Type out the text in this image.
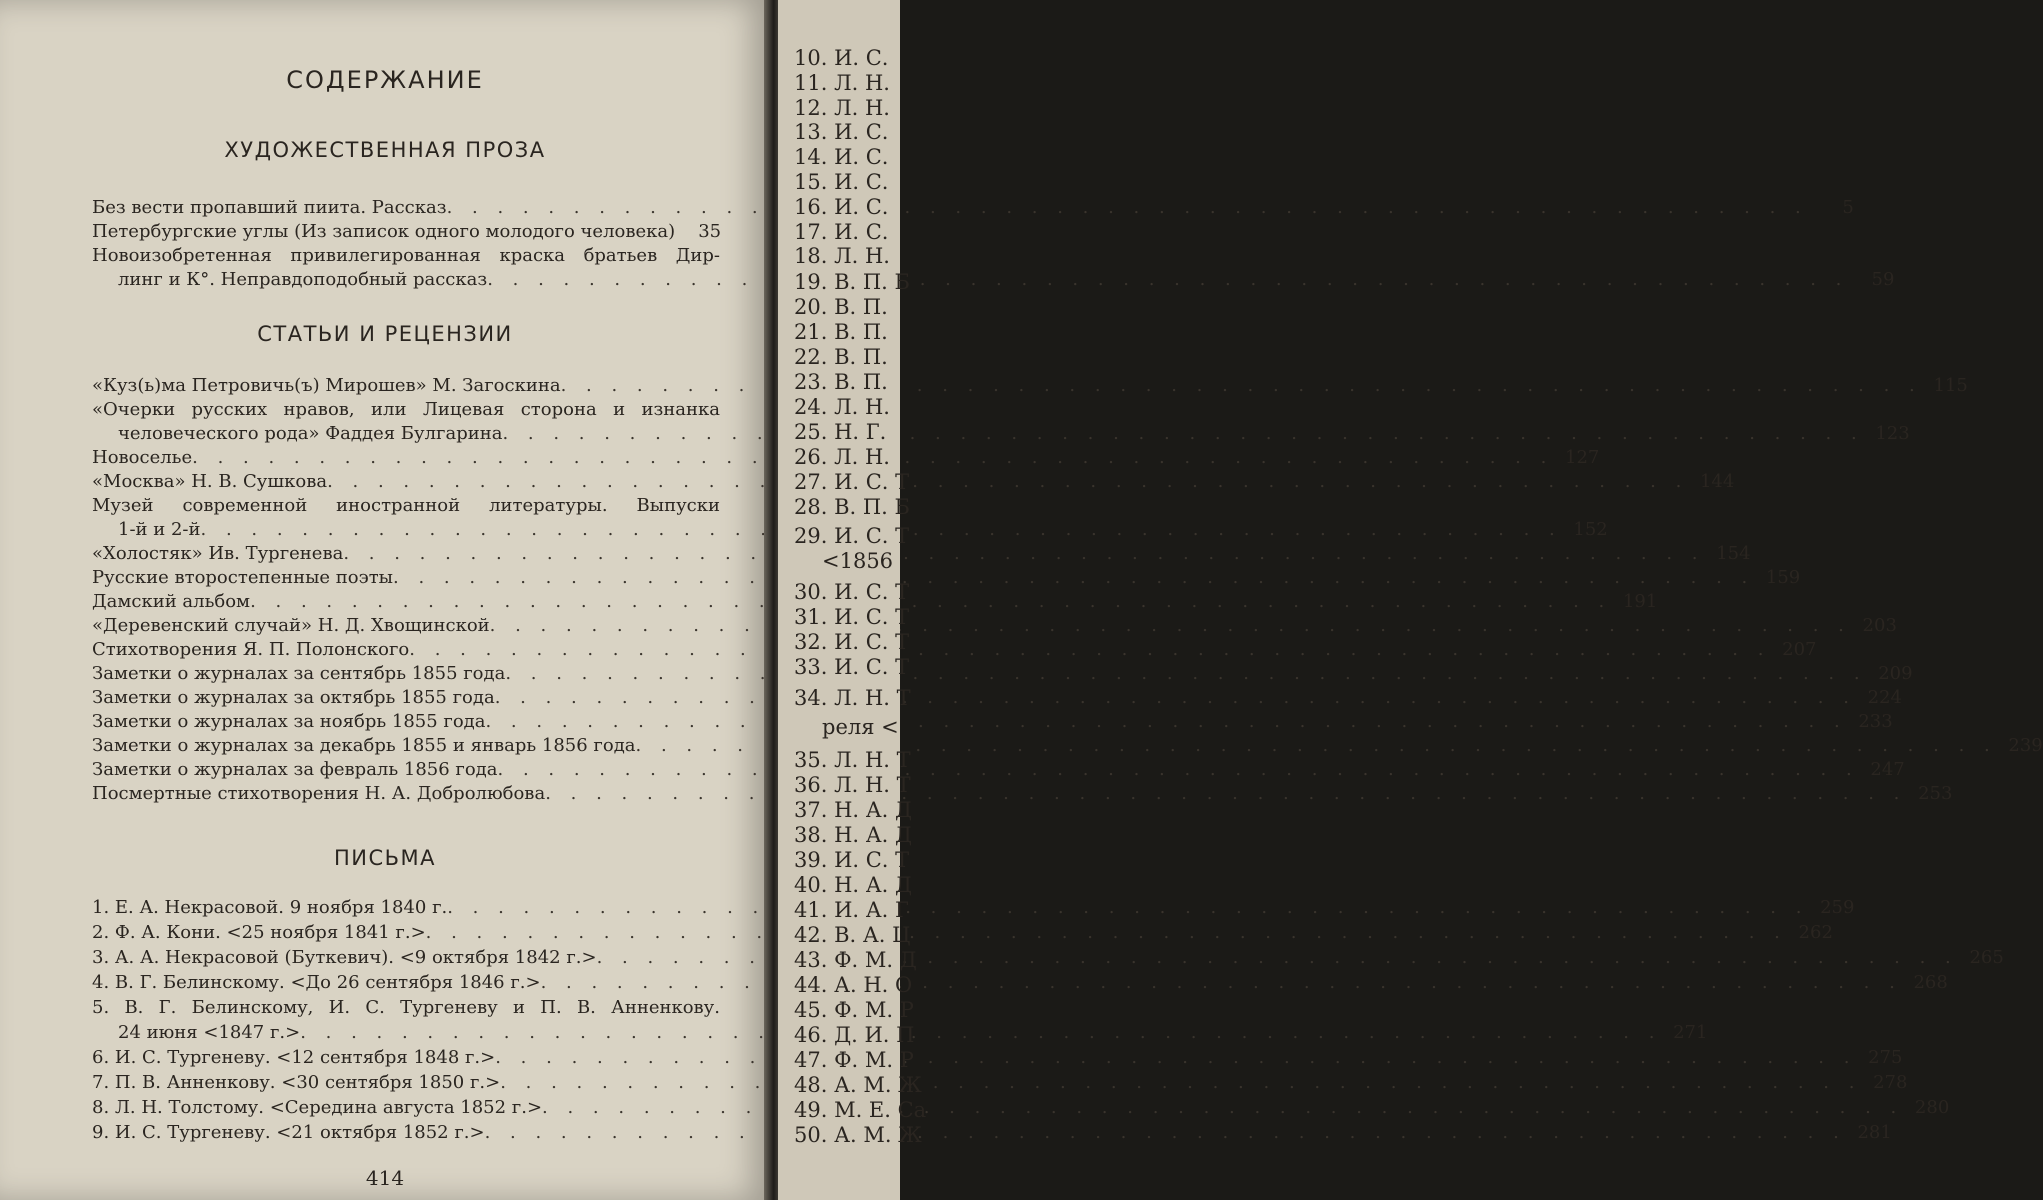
СОДЕРЖАНИЕ
ХУДОЖЕСТВЕННАЯ ПРОЗА
Без вести пропавший пиита. Рассказ . . .	5
Петербургские углы (Из записок одного молодого человека)	35
Новоизобретенная привилегированная краска братьев Дир-
линг и К°. Неправдоподобный рассказ . . .	59
СТАТЬИ И РЕЦЕНЗИИ
«Куз(ь)ма Петровичь(ъ) Мирошев» М. Загоскина . . .	115
«Очерки русских нравов, или Лицевая сторона и изнанка
человеческого рода» Фаддея Булгарина . . .	123
Новоселье . . .	127
«Москва» Н. В. Сушкова . . .	144
Музей современной иностранной литературы. Выпуски
1-й и 2-й . . .	152
«Холостяк» Ив. Тургенева . . .	154
Русские второстепенные поэты . . .	159
Дамский альбом . . .	191
«Деревенский случай» Н. Д. Хвощинской . . .	203
Стихотворения Я. П. Полонского . . .	207
Заметки о журналах за сентябрь 1855 года . . .	209
Заметки о журналах за октябрь 1855 года . . .	224
Заметки о журналах за ноябрь 1855 года . . .	233
Заметки о журналах за декабрь 1855 и январь 1856 года . . .	239
Заметки о журналах за февраль 1856 года . . .	247
Посмертные стихотворения Н. А. Добролюбова . . .	253
ПИСЬМА
1. Е. А. Некрасовой. 9 ноября 1840 г. . . .	259
2. Ф. А. Кони. <25 ноября 1841 г.> . . .	262
3. А. А. Некрасовой (Буткевич). <9 октября 1842 г.> . . .	265
4. В. Г. Белинскому. <До 26 сентября 1846 г.> . . .	268
5. В. Г. Белинскому, И. С. Тургеневу и П. В. Анненкову.
24 июня <1847 г.> . . .	271
6. И. С. Тургеневу. <12 сентября 1848 г.> . . .	275
7. П. В. Анненкову. <30 сентября 1850 г.> . . .	278
8. Л. Н. Толстому. <Середина августа 1852 г.> . . .	280
9. И. С. Тургеневу. <21 октября 1852 г.> . . .	281
414
10. И. С.
11. Л. Н.
12. Л. Н.
13. И. С.
14. И. С.
15. И. С.
16. И. С.
17. И. С.
18. Л. Н.
19. В. П. Б
20. В. П.
21. В. П.
22. В. П.
23. В. П.
24. Л. Н.
25. Н. Г.
26. Л. Н.
27. И. С. Т
28. В. П. Б
29. И. С. Т
<1856
30. И. С. Т
31. И. С. Т
32. И. С. Т
33. И. С. Т
34. Л. Н. Т
реля <
35. Л. Н. Т
36. Л. Н. Т
37. Н. А. Д
38. Н. А. Д
39. И. С. Т
40. Н. А. Д
41. И. А. Г
42. В. А. Ц
43. Ф. М. Д
44. А. Н. О
45. Ф. М. Р
46. Д. И. П
47. Ф. М. Р
48. А. М. Ж
49. М. Е. Са
50. А. М. Ж
